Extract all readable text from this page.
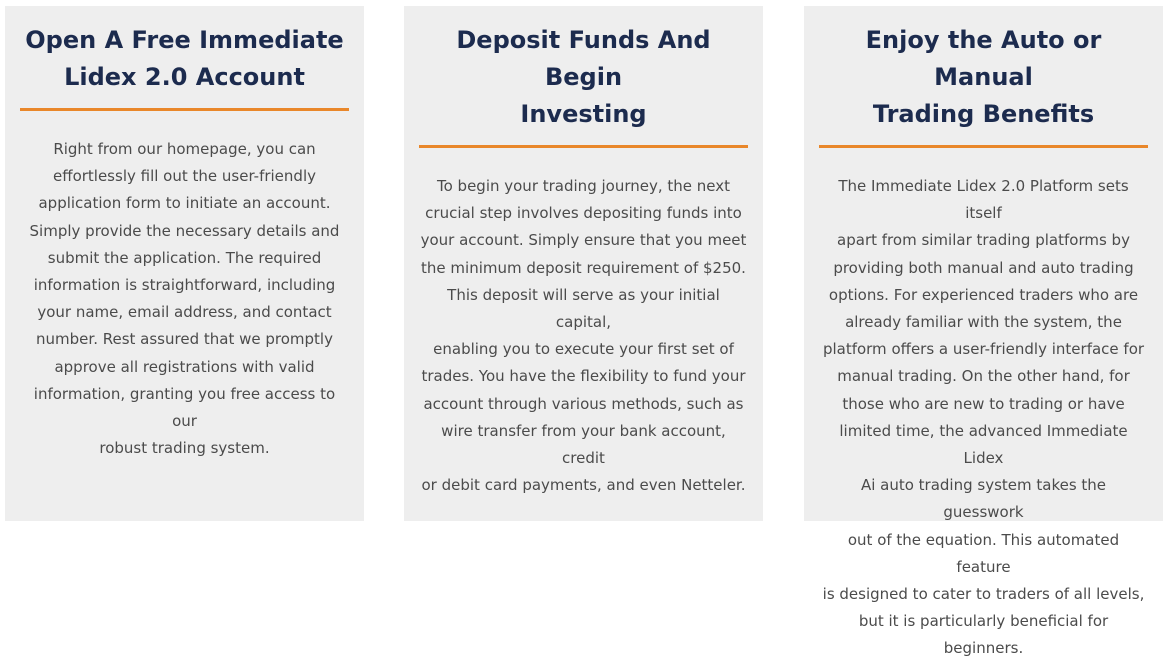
Open A Free Immediate
Lidex 2.0 Account

Right from our homepage, you can
effortlessly fill out the user-friendly
application form to initiate an account.
Simply provide the necessary details and
submit the application. The required
information is straightforward, including
your name, email address, and contact
number. Rest assured that we promptly
approve all registrations with valid
information, granting you free access to our
robust trading system.

Deposit Funds And Begin
Investing

To begin your trading journey, the next
crucial step involves depositing funds into
your account. Simply ensure that you meet
the minimum deposit requirement of $250.
This deposit will serve as your initial capital,
enabling you to execute your first set of
trades. You have the flexibility to fund your
account through various methods, such as
wire transfer from your bank account, credit
or debit card payments, and even Netteler.

Enjoy the Auto or Manual
Trading Benefits

The Immediate Lidex 2.0 Platform sets itself
apart from similar trading platforms by
providing both manual and auto trading
options. For experienced traders who are
already familiar with the system, the
platform offers a user-friendly interface for
manual trading. On the other hand, for
those who are new to trading or have
limited time, the advanced Immediate Lidex
Ai auto trading system takes the guesswork
out of the equation. This automated feature
is designed to cater to traders of all levels,
but it is particularly beneficial for beginners.
